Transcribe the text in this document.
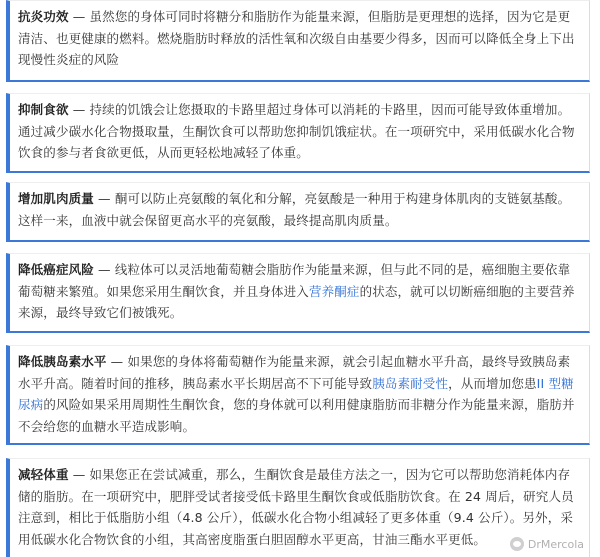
抗炎功效 — 虽然您的身体可同时将糖分和脂肪作为能量来源，但脂肪是更理想的选择，因为它是更清洁、也更健康的燃料。燃烧脂肪时释放的活性氧和次级自由基要少得多，因而可以降低全身上下出现慢性炎症的风险
抑制食欲 — 持续的饥饿会让您摄取的卡路里超过身体可以消耗的卡路里，因而可能导致体重增加。通过减少碳水化合物摄取量，生酮饮食可以帮助您抑制饥饿症状。在一项研究中，采用低碳水化合物饮食的参与者食欲更低，从而更轻松地减轻了体重。
增加肌肉质量 — 酮可以防止亮氨酸的氧化和分解，亮氨酸是一种用于构建身体肌肉的支链氨基酸。这样一来，血液中就会保留更高水平的亮氨酸，最终提高肌肉质量。
降低癌症风险 — 线粒体可以灵活地葡萄糖会脂肪作为能量来源，但与此不同的是，癌细胞主要依靠葡萄糖来繁殖。如果您采用生酮饮食，并且身体进入营养酮症的状态，就可以切断癌细胞的主要营养来源，最终导致它们被饿死。
降低胰岛素水平 — 如果您的身体将葡萄糖作为能量来源，就会引起血糖水平升高，最终导致胰岛素水平升高。随着时间的推移，胰岛素水平长期居高不下可能导致胰岛素耐受性，从而增加您患II 型糖尿病的风险如果采用周期性生酮饮食，您的身体就可以利用健康脂肪而非糖分作为能量来源，脂肪并不会给您的血糖水平造成影响。
减轻体重 — 如果您正在尝试减重，那么，生酮饮食是最佳方法之一，因为它可以帮助您消耗体内存储的脂肪。在一项研究中，肥胖受试者接受低卡路里生酮饮食或低脂肪饮食。在 24 周后，研究人员注意到，相比于低脂肪小组（4.8 公斤），低碳水化合物小组减轻了更多体重（9.4 公斤）。另外，采用低碳水化合物饮食的小组，其高密度脂蛋白胆固醇水平更高，甘油三酯水平更低。	DrMercola
